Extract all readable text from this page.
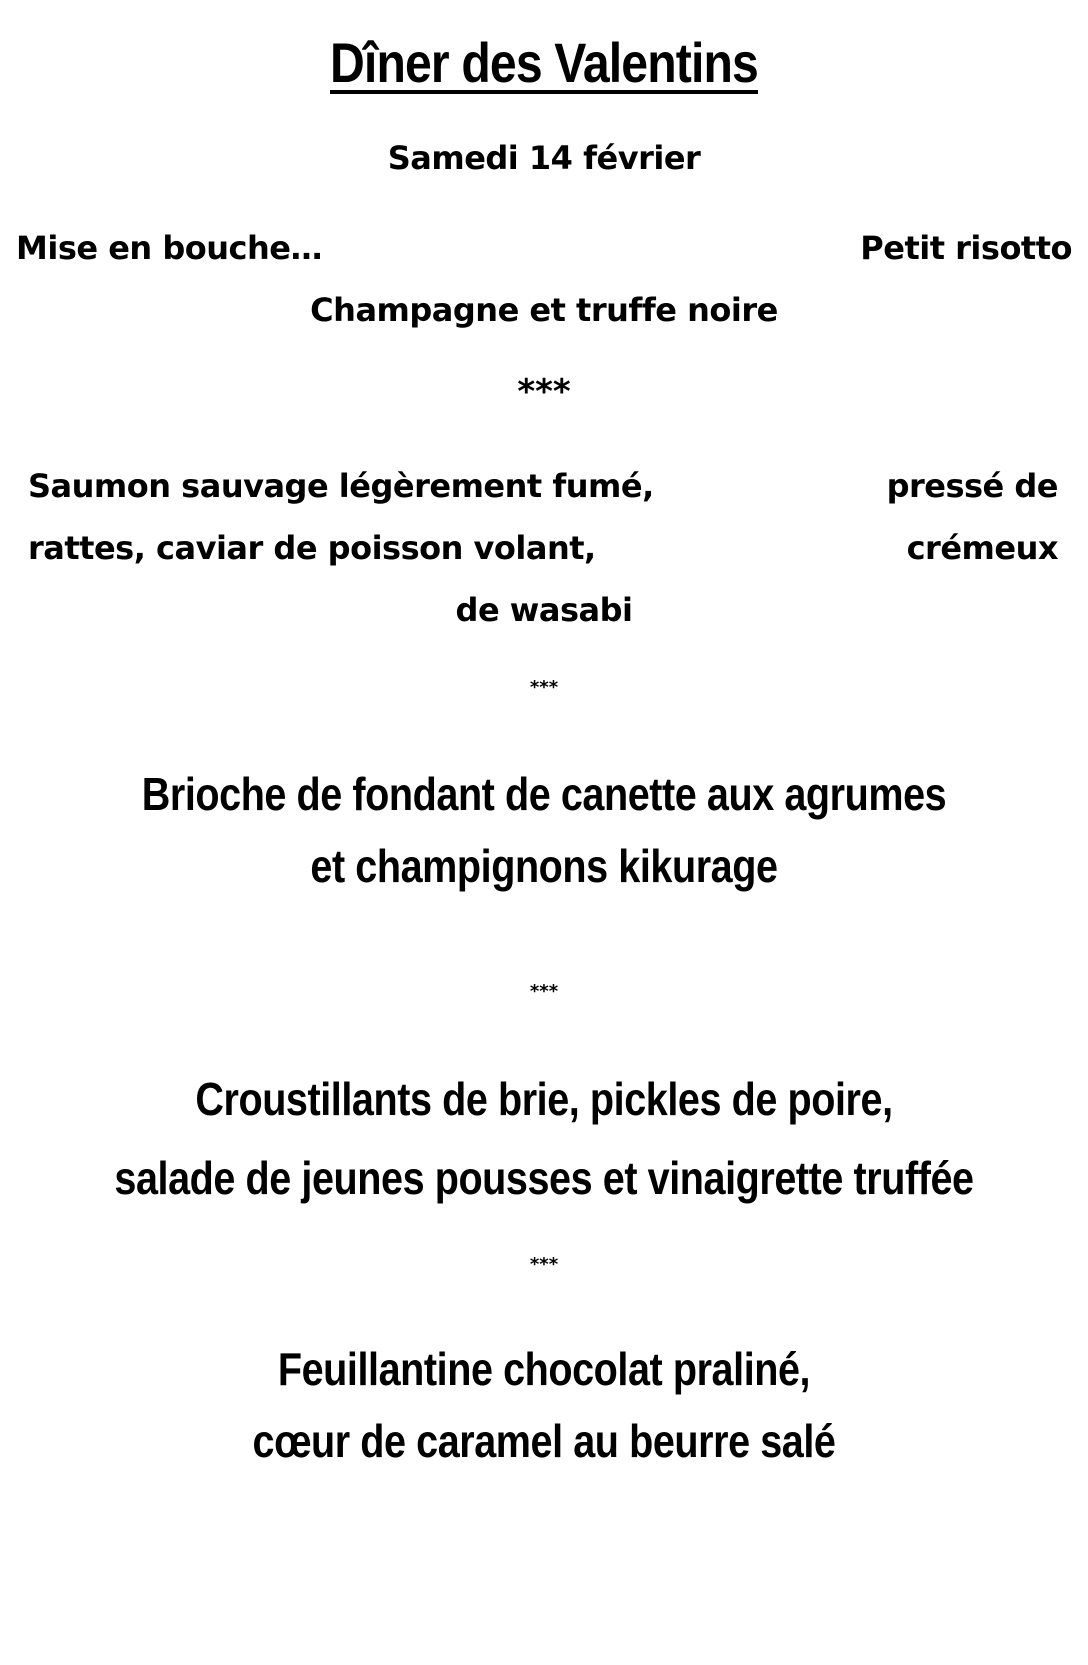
Dîner des Valentins
Samedi 14 février
Mise en bouche…	Petit risotto
Champagne et truffe noire
***
Saumon sauvage légèrement fumé,	pressé de
rattes, caviar de poisson volant,	crémeux
de wasabi
***
Brioche de fondant de canette aux agrumes
et champignons kikurage
***
Croustillants de brie, pickles de poire,
salade de jeunes pousses et vinaigrette truffée
***
Feuillantine chocolat praliné,
cœur de caramel au beurre salé
